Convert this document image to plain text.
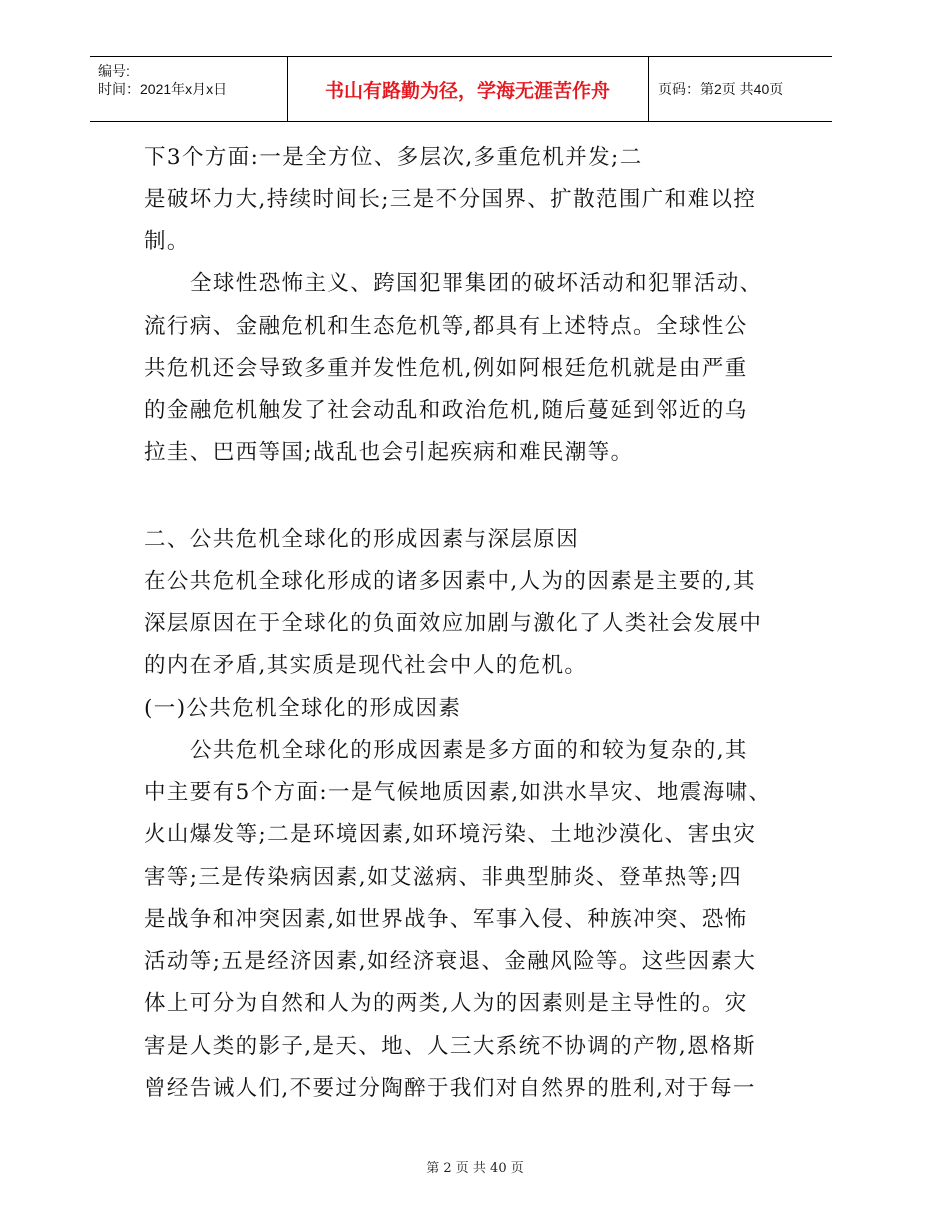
编号:
时间：2021年x月x日	书山有路勤为径，学海无涯苦作舟	页码：第2页 共40页
下3个方面:一是全方位、多层次,多重危机并发;二
是破坏力大,持续时间长;三是不分国界、扩散范围广和难以控
制。
全球性恐怖主义、跨国犯罪集团的破坏活动和犯罪活动、
流行病、金融危机和生态危机等,都具有上述特点。全球性公
共危机还会导致多重并发性危机,例如阿根廷危机就是由严重
的金融危机触发了社会动乱和政治危机,随后蔓延到邻近的乌
拉圭、巴西等国;战乱也会引起疾病和难民潮等。
二、公共危机全球化的形成因素与深层原因
在公共危机全球化形成的诸多因素中,人为的因素是主要的,其
深层原因在于全球化的负面效应加剧与激化了人类社会发展中
的内在矛盾,其实质是现代社会中人的危机。
(一)公共危机全球化的形成因素
公共危机全球化的形成因素是多方面的和较为复杂的,其
中主要有5个方面:一是气候地质因素,如洪水旱灾、地震海啸、
火山爆发等;二是环境因素,如环境污染、土地沙漠化、害虫灾
害等;三是传染病因素,如艾滋病、非典型肺炎、登革热等;四
是战争和冲突因素,如世界战争、军事入侵、种族冲突、恐怖
活动等;五是经济因素,如经济衰退、金融风险等。这些因素大
体上可分为自然和人为的两类,人为的因素则是主导性的。灾
害是人类的影子,是天、地、人三大系统不协调的产物,恩格斯
曾经告诫人们,不要过分陶醉于我们对自然界的胜利,对于每一
第 2 页 共 40 页
